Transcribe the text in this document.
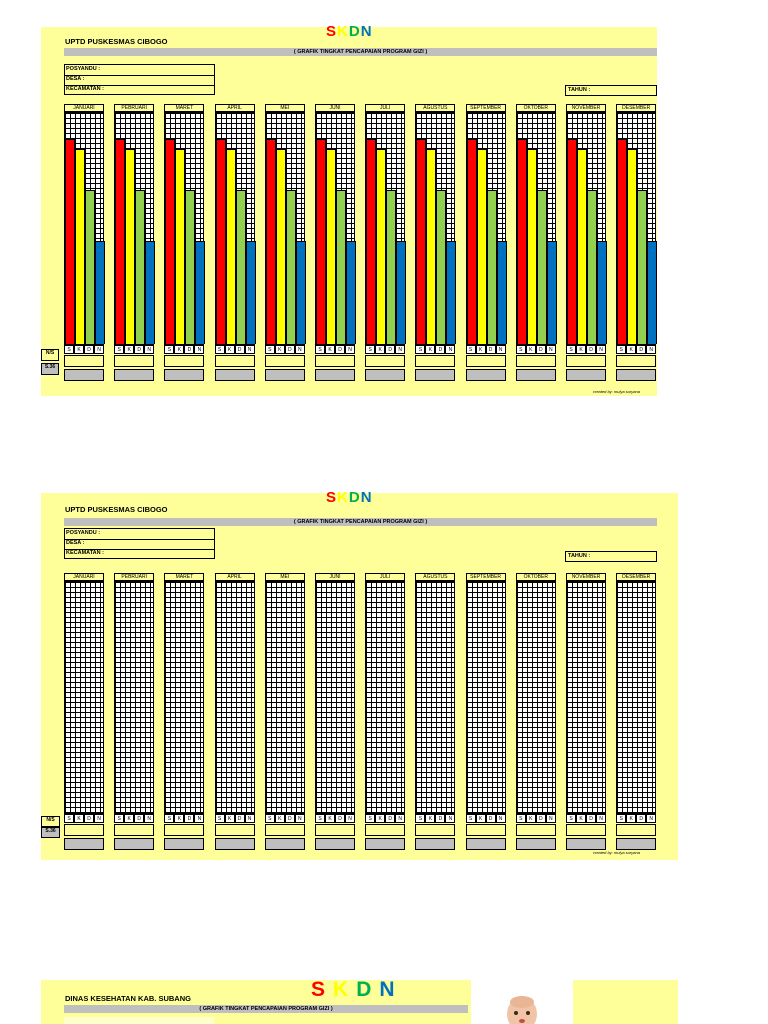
SKDN
UPTD PUSKESMAS CIBOGO
( GRAFIK TINGKAT PENCAPAIAN PROGRAM GIZI )
POSYANDU :
DESA :
KECAMATAN :	TAHUN :
JANUARI
S	K	D	N
PEBRUARI
S	K	D	N
MARET
S	K	D	N
APRIL
S	K	D	N
MEI
S	K	D	N
JUNI
S	K	D	N
JULI
S	K	D	N
AGUSTUS
S	K	D	N
SEPTEMBER
S	K	D	N
OKTOBER
S	K	D	N
NOVEMBER
S	K	D	N
DESEMBER
S	K	D	N
N/S
S.36
created by: mulya suryana
SKDN
UPTD PUSKESMAS CIBOGO
( GRAFIK TINGKAT PENCAPAIAN PROGRAM GIZI )
POSYANDU :
DESA :
KECAMATAN :	TAHUN :
JANUARI
S	K	D	N
PEBRUARI
S	K	D	N
MARET
S	K	D	N
APRIL
S	K	D	N
MEI
S	K	D	N
JUNI
S	K	D	N
JULI
S	K	D	N
AGUSTUS
S	K	D	N
SEPTEMBER
S	K	D	N
OKTOBER
S	K	D	N
NOVEMBER
S	K	D	N
DESEMBER
S	K	D	N
N/S
S.36
created by: mulya suryana
SKDN
DINAS KESEHATAN KAB. SUBANG
( GRAFIK TINGKAT PENCAPAIAN PROGRAM GIZI )
